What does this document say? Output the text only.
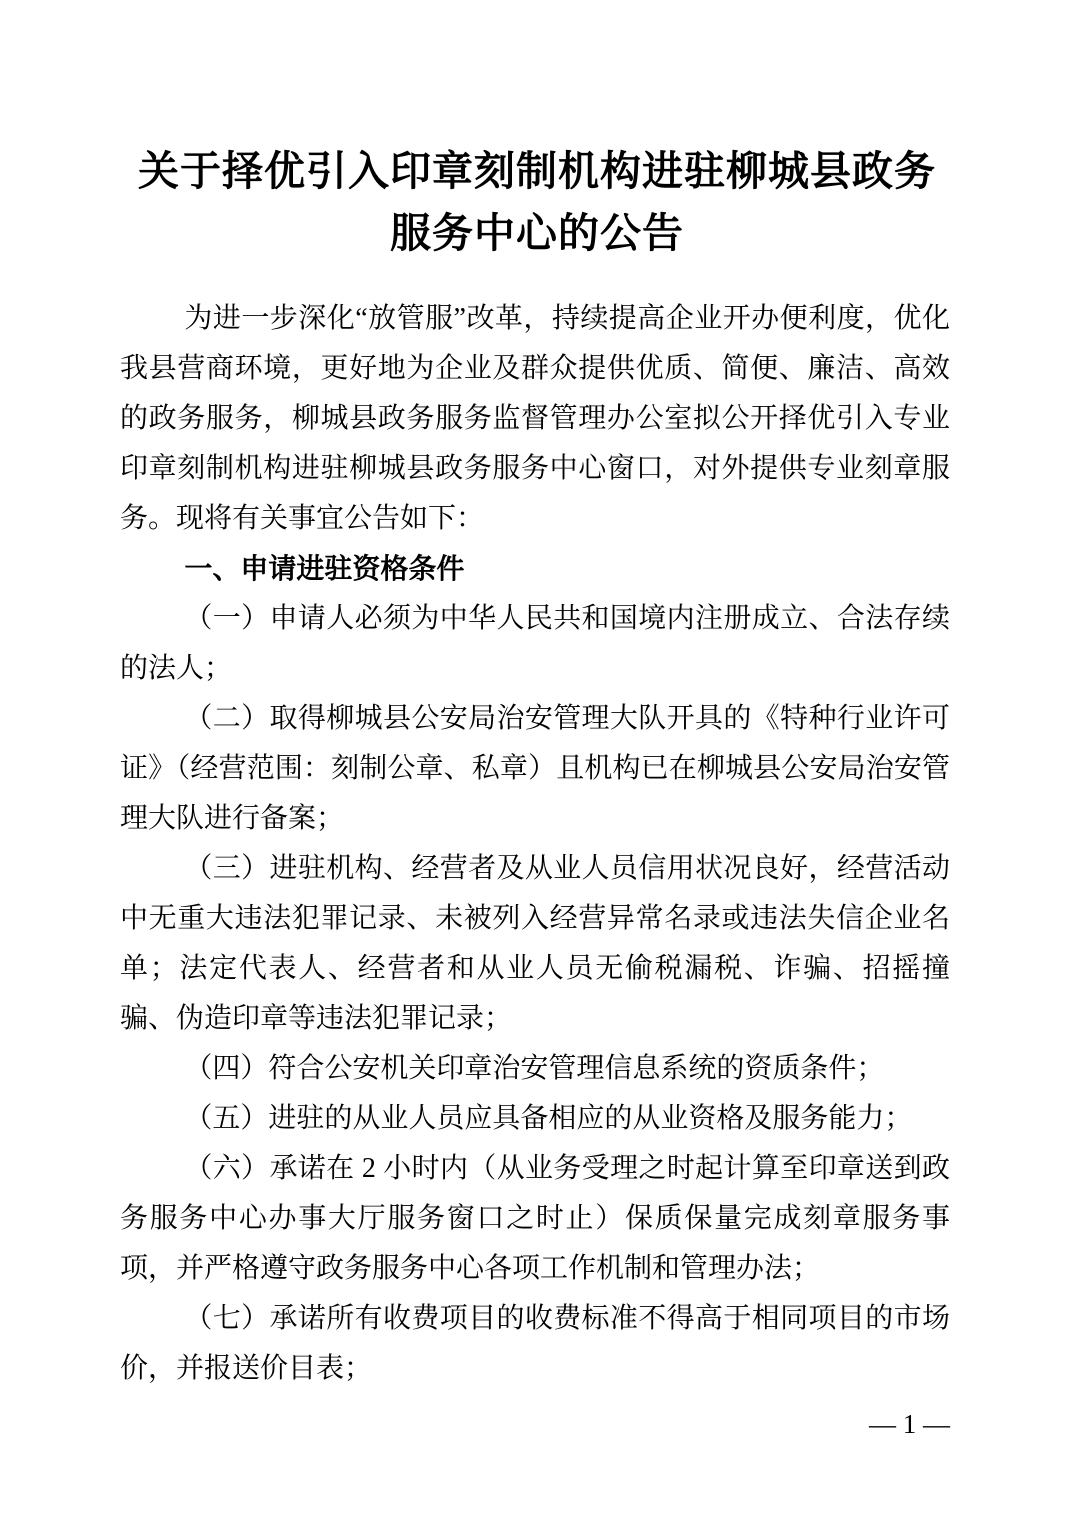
关于择优引入印章刻制机构进驻柳城县政务
服务中心的公告

为进一步深化“放管服”改革，持续提高企业开办便利度，优化我县营商环境，更好地为企业及群众提供优质、简便、廉洁、高效的政务服务，柳城县政务服务监督管理办公室拟公开择优引入专业印章刻制机构进驻柳城县政务服务中心窗口，对外提供专业刻章服务。现将有关事宜公告如下：

一、申请进驻资格条件

（一）申请人必须为中华人民共和国境内注册成立、合法存续的法人；

（二）取得柳城县公安局治安管理大队开具的《特种行业许可证》（经营范围：刻制公章、私章）且机构已在柳城县公安局治安管理大队进行备案；

（三）进驻机构、经营者及从业人员信用状况良好，经营活动中无重大违法犯罪记录、未被列入经营异常名录或违法失信企业名单；法定代表人、经营者和从业人员无偷税漏税、诈骗、招摇撞骗、伪造印章等违法犯罪记录；

（四）符合公安机关印章治安管理信息系统的资质条件；

（五）进驻的从业人员应具备相应的从业资格及服务能力；

（六）承诺在 2 小时内（从业务受理之时起计算至印章送到政务服务中心办事大厅服务窗口之时止）保质保量完成刻章服务事项，并严格遵守政务服务中心各项工作机制和管理办法；

（七）承诺所有收费项目的收费标准不得高于相同项目的市场价，并报送价目表；

— 1 —
